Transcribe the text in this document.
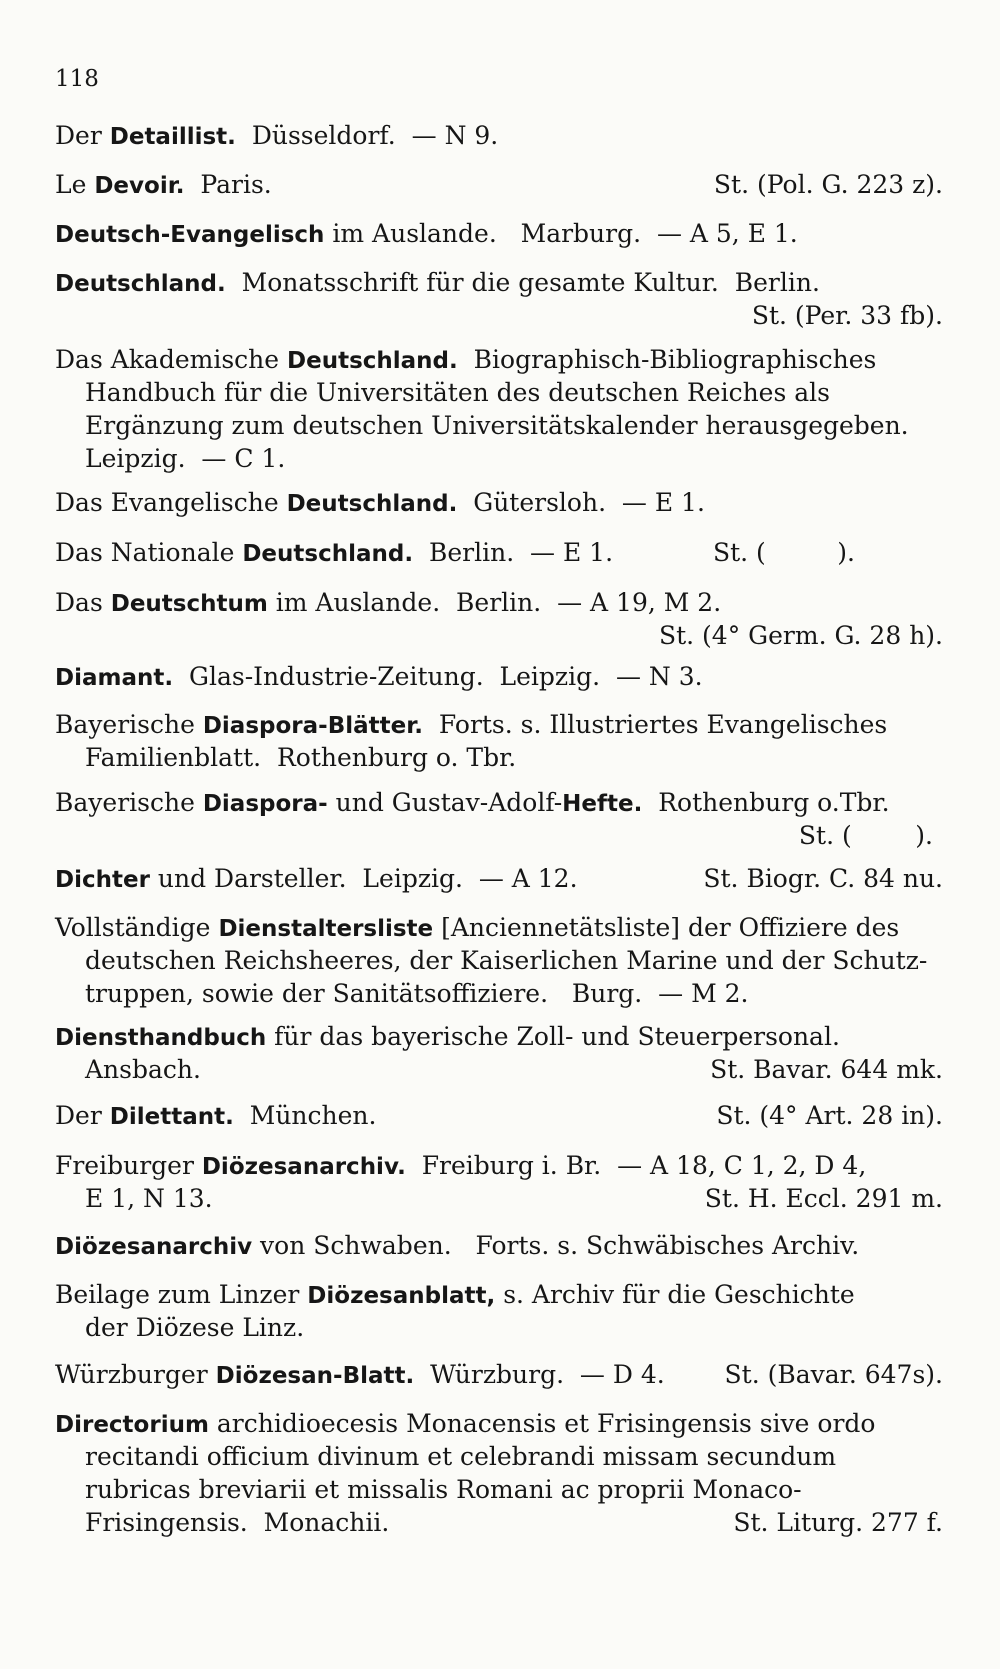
118
Der Detaillist.  Düsseldorf.  — N 9.
Le Devoir.  Paris.	St. (Pol. G. 223 z).
Deutsch-Evangelisch im Auslande.   Marburg.  — A 5, E 1.
Deutschland.  Monatsschrift für die gesamte Kultur.  Berlin.
St. (Per. 33 fb).
Das Akademische Deutschland.  Biographisch-Bibliographisches
Handbuch für die Universitäten des deutschen Reiches als
Ergänzung zum deutschen Universitätskalender herausgegeben.
Leipzig.  — C 1.
Das Evangelische Deutschland.  Gütersloh.  — E 1.
Das Nationale Deutschland.  Berlin.  — E 1.	St. (         ).
Das Deutschtum im Auslande.  Berlin.  — A 19, M 2.
St. (4° Germ. G. 28 h).
Diamant.  Glas-Industrie-Zeitung.  Leipzig.  — N 3.
Bayerische Diaspora-Blätter.  Forts. s. Illustriertes Evangelisches
Familienblatt.  Rothenburg o. Tbr.
Bayerische Diaspora- und Gustav-Adolf-Hefte.  Rothenburg o.Tbr.
St. (        ).
Dichter und Darsteller.  Leipzig.  — A 12.	St. Biogr. C. 84 nu.
Vollständige Dienstaltersliste [Anciennetätsliste] der Offiziere des
deutschen Reichsheeres, der Kaiserlichen Marine und der Schutz-
truppen, sowie der Sanitätsoffiziere.   Burg.  — M 2.
Diensthandbuch für das bayerische Zoll- und Steuerpersonal.
Ansbach.	St. Bavar. 644 mk.
Der Dilettant.  München.	St. (4° Art. 28 in).
Freiburger Diözesanarchiv.  Freiburg i. Br.  — A 18, C 1, 2, D 4,
E 1, N 13.	St. H. Eccl. 291 m.
Diözesanarchiv von Schwaben.   Forts. s. Schwäbisches Archiv.
Beilage zum Linzer Diözesanblatt, s. Archiv für die Geschichte
der Diözese Linz.
Würzburger Diözesan-Blatt.  Würzburg.  — D 4. St. (Bavar. 647s).
Directorium archidioecesis Monacensis et Frisingensis sive ordo
recitandi officium divinum et celebrandi missam secundum
rubricas breviarii et missalis Romani ac proprii Monaco-
Frisingensis.  Monachii.	St. Liturg. 277 f.
